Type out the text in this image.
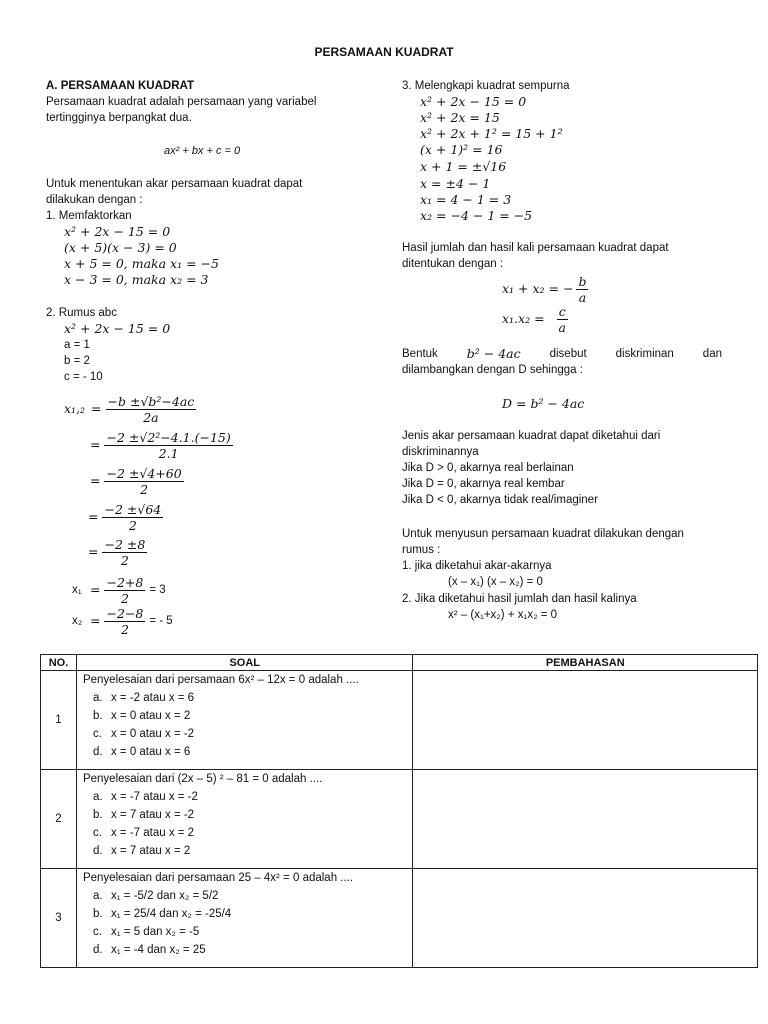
PERSAMAAN KUADRAT
A. PERSAMAAN KUADRAT
Persamaan kuadrat adalah persamaan yang variabel
tertingginya berpangkat dua.
ax² + bx + c = 0
Untuk menentukan akar persamaan kuadrat dapat
dilakukan dengan :
1. Memfaktorkan
x² + 2x − 15 = 0
(x + 5)(x − 3) = 0
x + 5 = 0, maka x₁ = −5
x − 3 = 0, maka x₂ = 3
2. Rumus abc
x² + 2x − 15 = 0
a = 1
b = 2
c = - 10
$x_1,_2 = \frac{\text{−b ±√b²−4ac}}{2a}$
= $\frac{\text{−2 ±√2²−4.1.(−15)}}{2.1}$
= $\frac{-2 \pm√4+60}{2}$
= $\frac{-2 \pm√64}{2}$
= $\frac{-2 \pm 8}{2}$
$x_1 = \frac{-2+8}{2} = 3$
$x_2 = \frac{-2-8}{2}$ = - 5
3. Melengkapi kuadrat sempurna
x² + 2x − 15 = 0
x² + 2x = 15
x² + 2x + 1² = 15 + 1²
(x + 1)² = 16
x + 1 = ±√16
x = ±4 − 1
x₁ = 4 − 1 = 3
x₂ = −4 − 1 = −5
Hasil jumlah dan hasil kali persamaan kuadrat dapat
ditentukan dengan :
x₁ + x₂ = − $\frac{b}{a}$
$x_1.x_2 = \frac{c}{a}$
Bentuk b² − 4ac	disebut	diskriminan	dan
dilambangkan dengan D sehingga :
D = b² − 4ac
Jenis akar persamaan kuadrat dapat diketahui dari
diskriminannya
Jika D > 0, akarnya real berlainan
Jika D = 0, akarnya real kembar
Jika D < 0, akarnya tidak real/imaginer
Untuk menyusun persamaan kuadrat dilakukan dengan
rumus :
1. jika diketahui akar-akarnya
(x – x₁) (x – x₂) = 0
2. Jika diketahui hasil jumlah dan hasil kalinya
x² – (x₁+x₂) + x₁x₂ = 0
NO.	SOAL	PEMBAHASAN
1	Penyelesaian dari persamaan 6x² – 12x = 0 adalah ....
a. x = -2 atau x = 6
b. x = 0 atau x = 2
c. x = 0 atau x = -2
d. x = 0 atau x = 6	

2	Penyelesaian dari (2x – 5) ² – 81 = 0 adalah ....
a. x = -7 atau x = -2
b. x = 7 atau x = -2
c. x = -7 atau x = 2
d. x = 7 atau x = 2	

3	Penyelesaian dari persamaan 25 – 4x² = 0 adalah ....
a. x₁ = -5/2 dan x₂ = 5/2
b. x₁ = 25/4 dan x₂ = -25/4
c. x₁ = 5 dan x₂ = -5
d. x₁ = -4 dan x₂ = 25	
